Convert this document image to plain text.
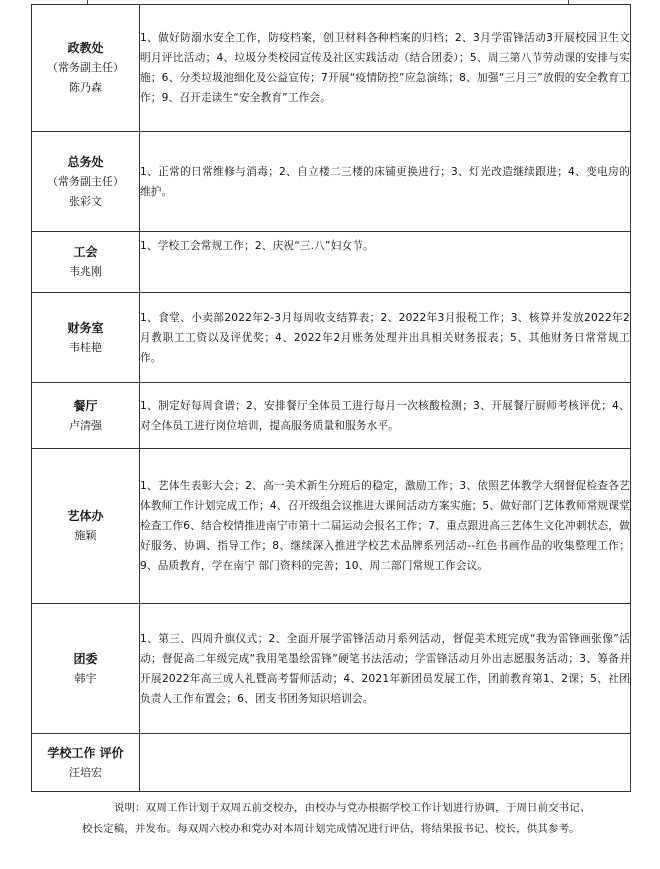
政教处
（常务副主任）
陈乃森	1、做好防溺水安全工作，防疫档案，创卫材料各种档案的归档；2、3月学雷锋活动3开展校园卫生文明月评比活动；4、垃圾分类校园宣传及社区实践活动（结合团委）；5、周三第八节劳动课的安排与实施；6、分类垃圾池细化及公益宣传；7开展“疫情防控”应急演练；8、加强“三月三”放假的安全教育工作；9、召开走读生“安全教育”工作会。

总务处
（常务副主任）
张彩文	1、正常的日常维修与消毒；2、自立楼二三楼的床铺更换进行；3、灯光改造继续跟进；4、变电房的维护。

工会
韦兆刚	1、学校工会常规工作；2、庆祝“三.八”妇女节。

财务室
韦桂艳	1、食堂、小卖部2022年2-3月每周收支结算表；2、2022年3月报税工作；3、核算并发放2022年2月教职工工资以及评优奖；4、2022年2月账务处理并出具相关财务报表；5、其他财务日常常规工作。

餐厅
卢清强	1、制定好每周食谱；2、安排餐厅全体员工进行每月一次核酸检测；3、开展餐厅厨师考核评优；4、对全体员工进行岗位培训，提高服务质量和服务水平。

艺体办
施颖	1、艺体生表彰大会；2、高一美术新生分班后的稳定，激励工作；3、依照艺体教学大纲督促检查各艺体教师工作计划完成工作；4、召开级组会议推进大课间活动方案实施；5、做好部门艺体教师常规课堂检查工作6、结合校情推进南宁市第十二届运动会报名工作；7、重点跟进高三艺体生文化冲刺状态，做好服务、协调、指导工作；8、继续深入推进学校艺术品牌系列活动--红色书画作品的收集整理工作；9、品质教育，学在南宁 部门资料的完善；10、周二部门常规工作会议。

团委
韩宇	1、第三、四周升旗仪式；2、全面开展学雷锋活动月系列活动，督促美术班完成“我为雷锋画张像”活动；督促高二年级完成“我用笔墨绘雷锋”硬笔书法活动；学雷锋活动月外出志愿服务活动；3、筹备并开展2022年高三成人礼暨高考誓师活动；4、2021年新团员发展工作，团前教育第1、2课；5、社团负责人工作布置会；6、团支书团务知识培训会。

学校工作 评价
汪培宏	

说明：双周工作计划于双周五前交校办，由校办与党办根据学校工作计划进行协调，于周日前交书记、校长定稿，并发布。每双周六校办和党办对本周计划完成情况进行评估，将结果报书记、校长，供其参考。
